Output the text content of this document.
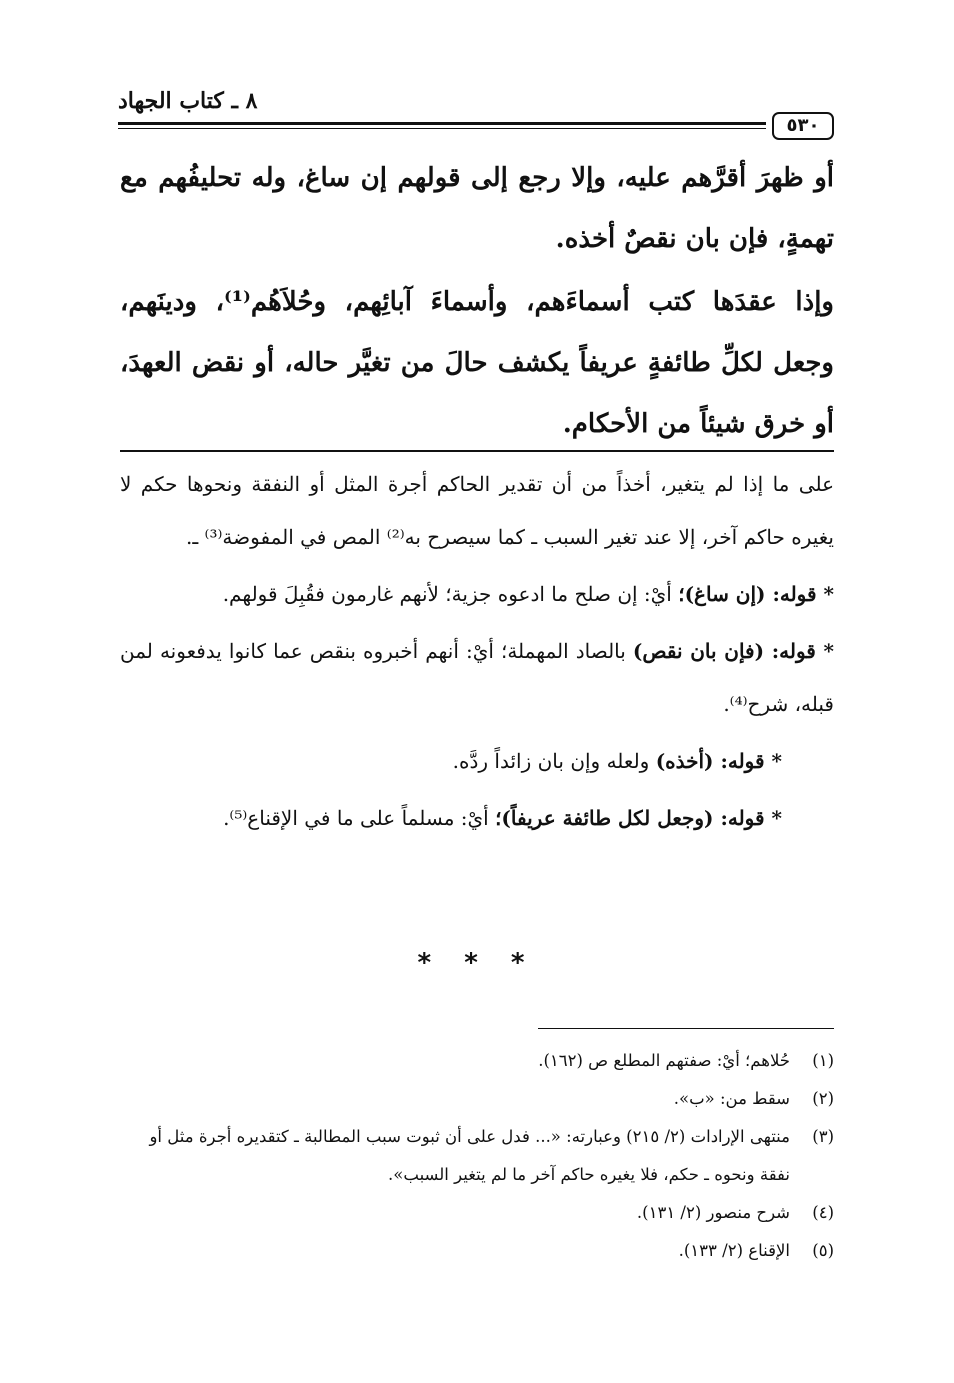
٨ ـ كتاب الجهاد
٥٣٠

أو ظهرَ أقرَّهم عليه، وإلا رجع إلى قولهم إن ساغ، وله تحليفُهم مع تهمةٍ، فإن بان نقصٌ أخذه.

وإذا عقدَها كتب أسماءَهم، وأسماءَ آبائِهم، وحُلاَهُم⁽¹⁾، ودينَهم، وجعل لكلِّ طائفةٍ عريفاً يكشف حالَ من تغيَّر حاله، أو نقض العهدَ، أو خرق شيئاً من الأحكام.

على ما إذا لم يتغير، أخذاً من أن تقدير الحاكم أجرة المثل أو النفقة ونحوها حكم لا يغيره حاكم آخر، إلا عند تغير السبب ـ كما سيصرح به⁽²⁾ المص في المفوضة⁽³⁾ ـ.

* قوله: (إن ساغ)؛ أيْ: إن صلح ما ادعوه جزية؛ لأنهم غارمون فقُبِلَ قولهم.

* قوله: (فإن بان نقص) بالصاد المهملة؛ أيْ: أنهم أخبروه بنقص عما كانوا يدفعونه لمن قبله، شرح⁽⁴⁾.

* قوله: (أخذه) ولعله وإن بان زائداً ردَّه.

* قوله: (وجعل لكل طائفة عريفاً)؛ أيْ: مسلماً على ما في الإقناع⁽⁵⁾.

* * *
(١)
حُلاهم؛ أيْ: صفتهم المطلع ص (١٦٢).
(٢)
سقط من: «ب».
(٣)
منتهى الإرادات (٢/ ٢١٥) وعبارته: «... فدل على أن ثبوت سبب المطالبة ـ كتقديره أجرة مثل أو نفقة ونحوه ـ حكم، فلا يغيره حاكم آخر ما لم يتغير السبب».
(٤)
شرح منصور (٢/ ١٣١).
(٥)
الإقناع (٢/ ١٣٣).
